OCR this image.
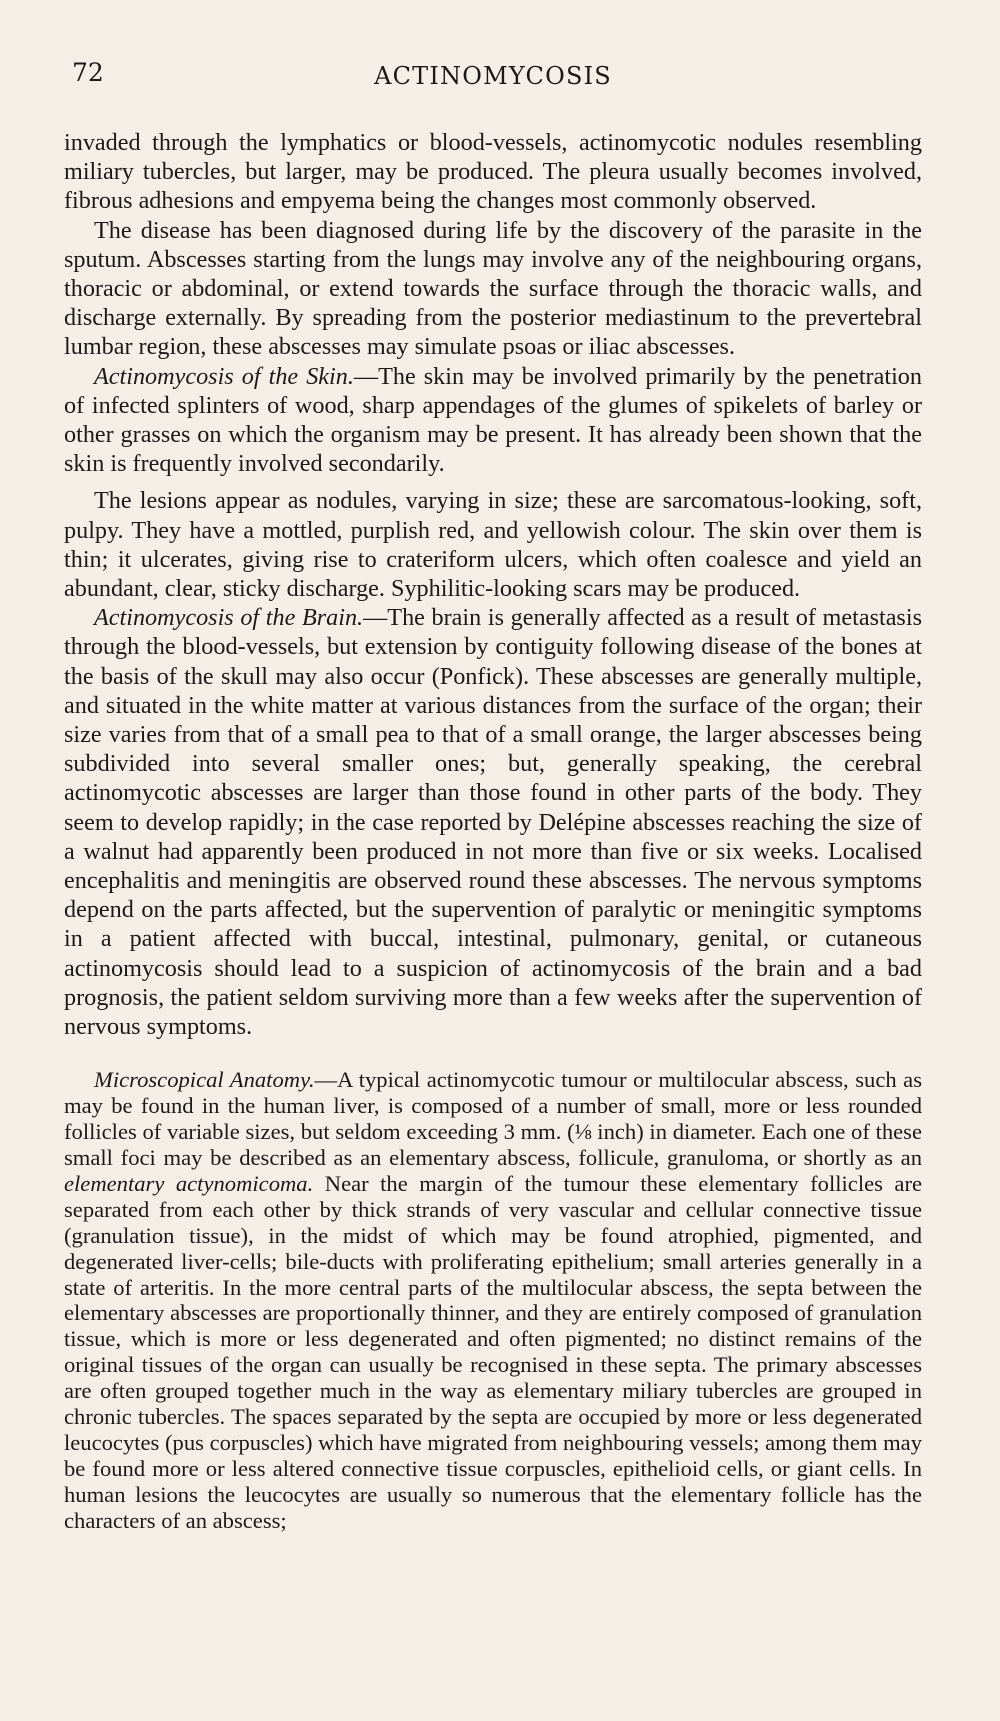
72	ACTINOMYCOSIS

invaded through the lymphatics or blood-vessels, actinomycotic nodules resembling miliary tubercles, but larger, may be produced. The pleura usually becomes involved, fibrous adhesions and empyema being the changes most commonly observed.

The disease has been diagnosed during life by the discovery of the parasite in the sputum. Abscesses starting from the lungs may involve any of the neighbouring organs, thoracic or abdominal, or extend towards the surface through the thoracic walls, and discharge externally. By spreading from the posterior mediastinum to the prevertebral lumbar region, these abscesses may simulate psoas or iliac abscesses.

Actinomycosis of the Skin.—The skin may be involved primarily by the penetration of infected splinters of wood, sharp appendages of the glumes of spikelets of barley or other grasses on which the organism may be present. It has already been shown that the skin is frequently involved secondarily.

The lesions appear as nodules, varying in size; these are sarcomatous-looking, soft, pulpy. They have a mottled, purplish red, and yellowish colour. The skin over them is thin; it ulcerates, giving rise to crateriform ulcers, which often coalesce and yield an abundant, clear, sticky discharge. Syphilitic-looking scars may be produced.

Actinomycosis of the Brain.—The brain is generally affected as a result of metastasis through the blood-vessels, but extension by contiguity following disease of the bones at the basis of the skull may also occur (Ponfick). These abscesses are generally multiple, and situated in the white matter at various distances from the surface of the organ; their size varies from that of a small pea to that of a small orange, the larger abscesses being subdivided into several smaller ones; but, generally speaking, the cerebral actinomycotic abscesses are larger than those found in other parts of the body. They seem to develop rapidly; in the case reported by Delépine abscesses reaching the size of a walnut had apparently been produced in not more than five or six weeks. Localised encephalitis and meningitis are observed round these abscesses. The nervous symptoms depend on the parts affected, but the supervention of paralytic or meningitic symptoms in a patient affected with buccal, intestinal, pulmonary, genital, or cutaneous actinomycosis should lead to a suspicion of actinomycosis of the brain and a bad prognosis, the patient seldom surviving more than a few weeks after the supervention of nervous symptoms.

Microscopical Anatomy.—A typical actinomycotic tumour or multilocular abscess, such as may be found in the human liver, is composed of a number of small, more or less rounded follicles of variable sizes, but seldom exceeding 3 mm. (⅛ inch) in diameter. Each one of these small foci may be described as an elementary abscess, follicule, granuloma, or shortly as an elementary actynomicoma. Near the margin of the tumour these elementary follicles are separated from each other by thick strands of very vascular and cellular connective tissue (granulation tissue), in the midst of which may be found atrophied, pigmented, and degenerated liver-cells; bile-ducts with proliferating epithelium; small arteries generally in a state of arteritis. In the more central parts of the multilocular abscess, the septa between the elementary abscesses are proportionally thinner, and they are entirely composed of granulation tissue, which is more or less degenerated and often pigmented; no distinct remains of the original tissues of the organ can usually be recognised in these septa. The primary abscesses are often grouped together much in the way as elementary miliary tubercles are grouped in chronic tubercles. The spaces separated by the septa are occupied by more or less degenerated leucocytes (pus corpuscles) which have migrated from neighbouring vessels; among them may be found more or less altered connective tissue corpuscles, epithelioid cells, or giant cells. In human lesions the leucocytes are usually so numerous that the elementary follicle has the characters of an abscess;
